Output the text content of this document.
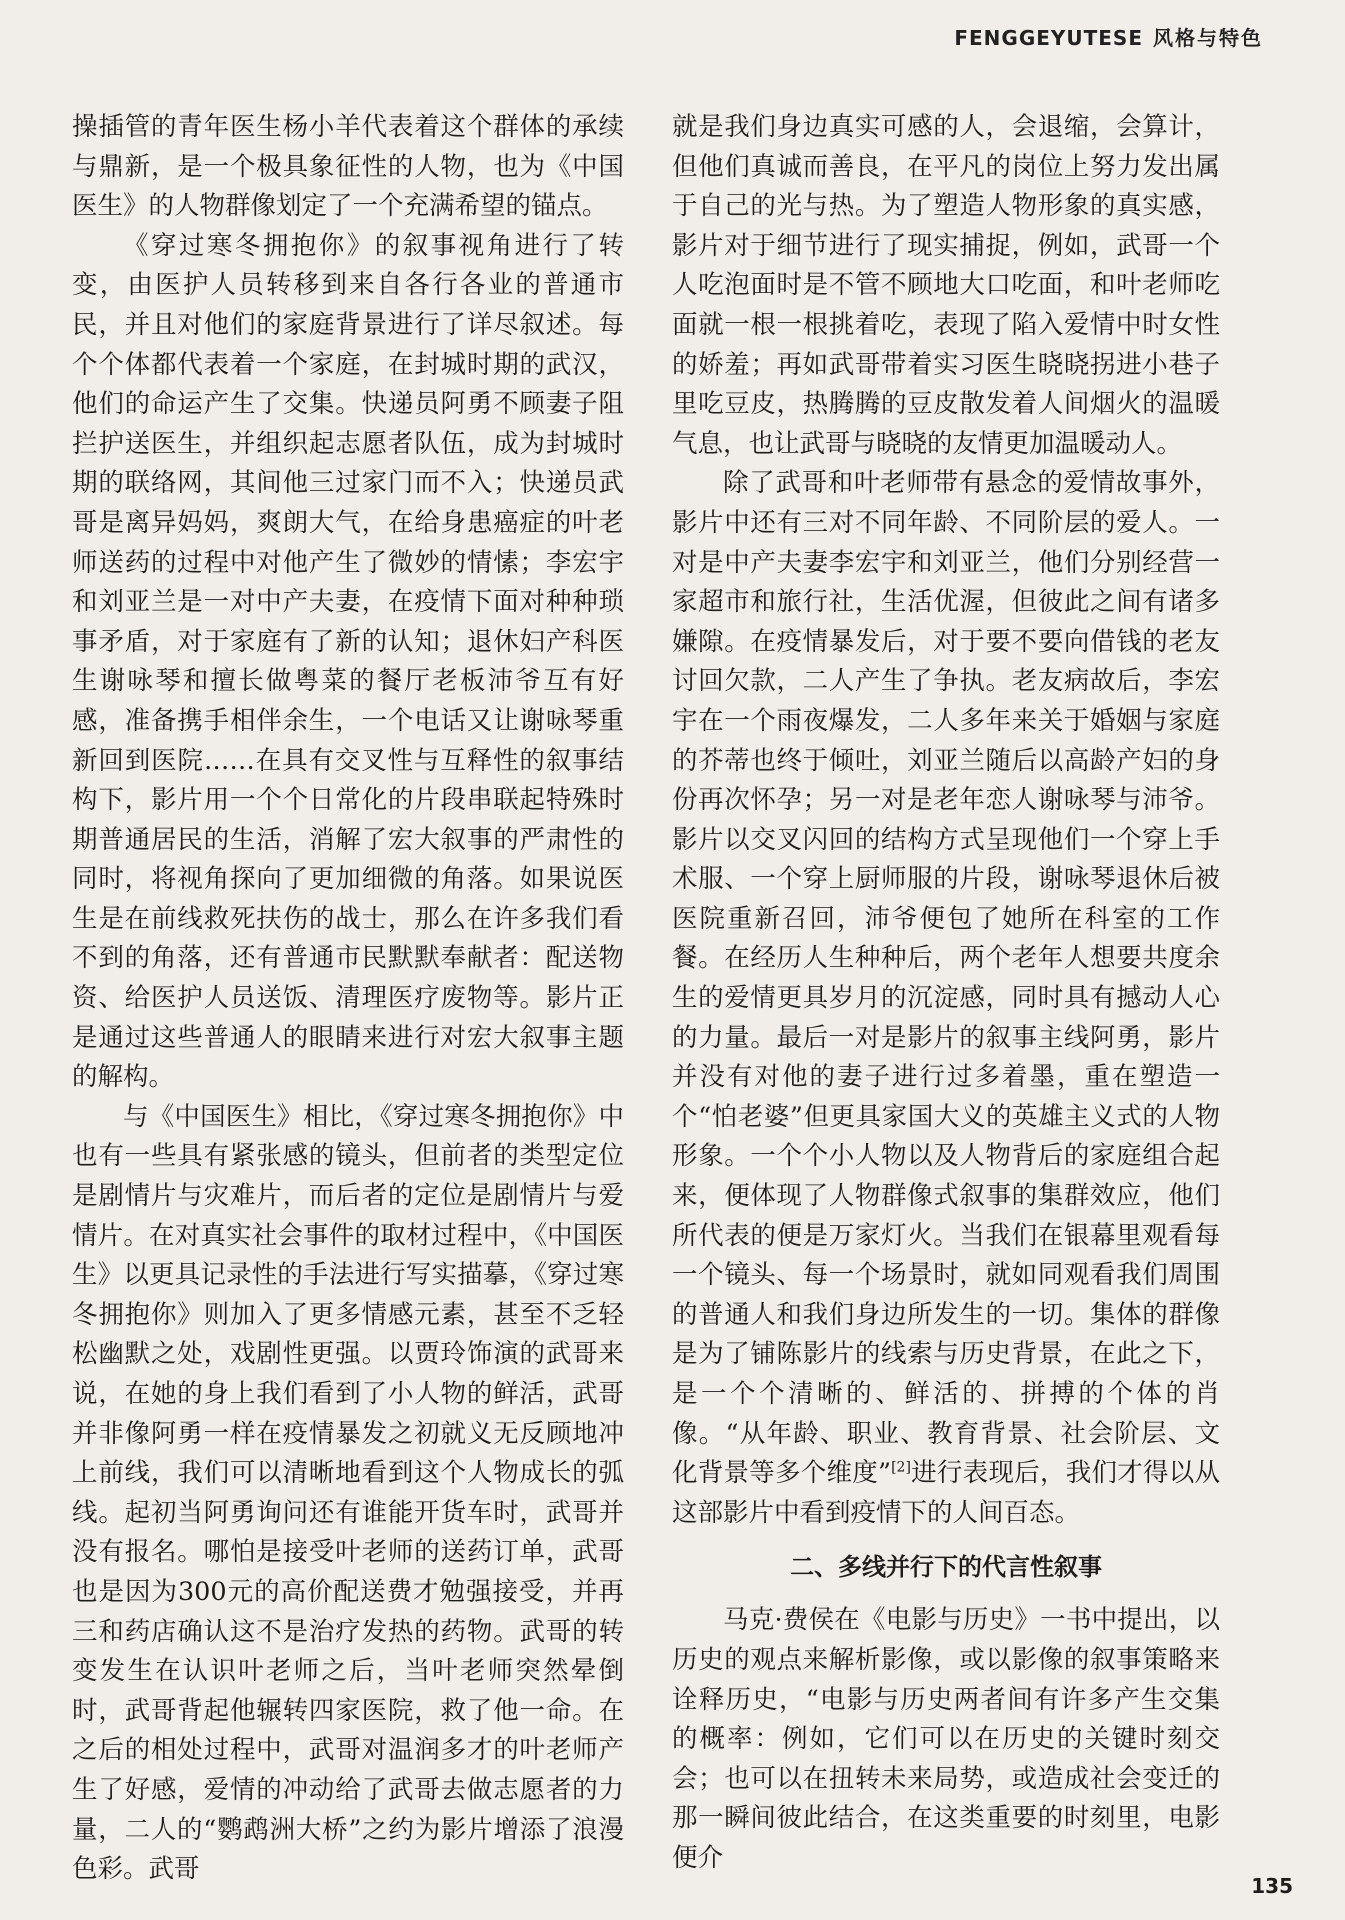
FENGGEYUTESE 风格与特色

操插管的青年医生杨小羊代表着这个群体的承续与鼎新，是一个极具象征性的人物，也为《中国医生》的人物群像划定了一个充满希望的锚点。

《穿过寒冬拥抱你》的叙事视角进行了转变，由医护人员转移到来自各行各业的普通市民，并且对他们的家庭背景进行了详尽叙述。每个个体都代表着一个家庭，在封城时期的武汉，他们的命运产生了交集。快递员阿勇不顾妻子阻拦护送医生，并组织起志愿者队伍，成为封城时期的联络网，其间他三过家门而不入；快递员武哥是离异妈妈，爽朗大气，在给身患癌症的叶老师送药的过程中对他产生了微妙的情愫；李宏宇和刘亚兰是一对中产夫妻，在疫情下面对种种琐事矛盾，对于家庭有了新的认知；退休妇产科医生谢咏琴和擅长做粤菜的餐厅老板沛爷互有好感，准备携手相伴余生，一个电话又让谢咏琴重新回到医院……在具有交叉性与互释性的叙事结构下，影片用一个个日常化的片段串联起特殊时期普通居民的生活，消解了宏大叙事的严肃性的同时，将视角探向了更加细微的角落。如果说医生是在前线救死扶伤的战士，那么在许多我们看不到的角落，还有普通市民默默奉献者：配送物资、给医护人员送饭、清理医疗废物等。影片正是通过这些普通人的眼睛来进行对宏大叙事主题的解构。

与《中国医生》相比，《穿过寒冬拥抱你》中也有一些具有紧张感的镜头，但前者的类型定位是剧情片与灾难片，而后者的定位是剧情片与爱情片。在对真实社会事件的取材过程中，《中国医生》以更具记录性的手法进行写实描摹，《穿过寒冬拥抱你》则加入了更多情感元素，甚至不乏轻松幽默之处，戏剧性更强。以贾玲饰演的武哥来说，在她的身上我们看到了小人物的鲜活，武哥并非像阿勇一样在疫情暴发之初就义无反顾地冲上前线，我们可以清晰地看到这个人物成长的弧线。起初当阿勇询问还有谁能开货车时，武哥并没有报名。哪怕是接受叶老师的送药订单，武哥也是因为300元的高价配送费才勉强接受，并再三和药店确认这不是治疗发热的药物。武哥的转变发生在认识叶老师之后，当叶老师突然晕倒时，武哥背起他辗转四家医院，救了他一命。在之后的相处过程中，武哥对温润多才的叶老师产生了好感，爱情的冲动给了武哥去做志愿者的力量，二人的“鹦鹉洲大桥”之约为影片增添了浪漫色彩。武哥

就是我们身边真实可感的人，会退缩，会算计，但他们真诚而善良，在平凡的岗位上努力发出属于自己的光与热。为了塑造人物形象的真实感，影片对于细节进行了现实捕捉，例如，武哥一个人吃泡面时是不管不顾地大口吃面，和叶老师吃面就一根一根挑着吃，表现了陷入爱情中时女性的娇羞；再如武哥带着实习医生晓晓拐进小巷子里吃豆皮，热腾腾的豆皮散发着人间烟火的温暖气息，也让武哥与晓晓的友情更加温暖动人。

除了武哥和叶老师带有悬念的爱情故事外，影片中还有三对不同年龄、不同阶层的爱人。一对是中产夫妻李宏宇和刘亚兰，他们分别经营一家超市和旅行社，生活优渥，但彼此之间有诸多嫌隙。在疫情暴发后，对于要不要向借钱的老友讨回欠款，二人产生了争执。老友病故后，李宏宇在一个雨夜爆发，二人多年来关于婚姻与家庭的芥蒂也终于倾吐，刘亚兰随后以高龄产妇的身份再次怀孕；另一对是老年恋人谢咏琴与沛爷。影片以交叉闪回的结构方式呈现他们一个穿上手术服、一个穿上厨师服的片段，谢咏琴退休后被医院重新召回，沛爷便包了她所在科室的工作餐。在经历人生种种后，两个老年人想要共度余生的爱情更具岁月的沉淀感，同时具有撼动人心的力量。最后一对是影片的叙事主线阿勇，影片并没有对他的妻子进行过多着墨，重在塑造一个“怕老婆”但更具家国大义的英雄主义式的人物形象。一个个小人物以及人物背后的家庭组合起来，便体现了人物群像式叙事的集群效应，他们所代表的便是万家灯火。当我们在银幕里观看每一个镜头、每一个场景时，就如同观看我们周围的普通人和我们身边所发生的一切。集体的群像是为了铺陈影片的线索与历史背景，在此之下，是一个个清晰的、鲜活的、拼搏的个体的肖像。“从年龄、职业、教育背景、社会阶层、文化背景等多个维度”[2]进行表现后，我们才得以从这部影片中看到疫情下的人间百态。

二、多线并行下的代言性叙事

马克·费侯在《电影与历史》一书中提出，以历史的观点来解析影像，或以影像的叙事策略来诠释历史，“电影与历史两者间有许多产生交集的概率：例如，它们可以在历史的关键时刻交会；也可以在扭转未来局势，或造成社会变迁的那一瞬间彼此结合，在这类重要的时刻里，电影便介

135
